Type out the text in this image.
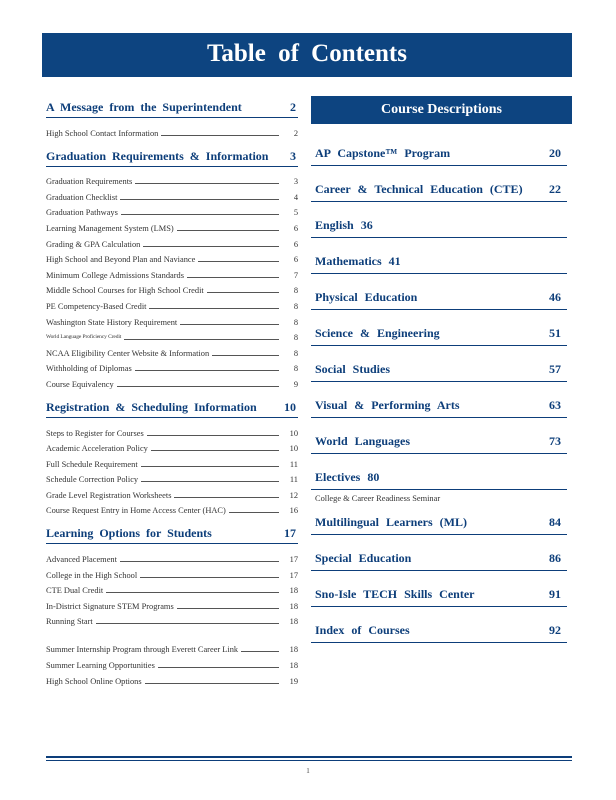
Table of Contents
A Message from the Superintendent	2
High School Contact Information	2
Graduation Requirements & Information 3
Graduation Requirements	3
Graduation Checklist	4
Graduation Pathways	5
Learning Management System (LMS)	6
Grading & GPA Calculation	6
High School and Beyond Plan and Naviance	6
Minimum College Admissions Standards	7
Middle School Courses for High School Credit	8
PE Competency-Based Credit	8
Washington State History Requirement	8
World Language Proficiency Credit	8
NCAA Eligibility Center Website & Information	8
Withholding of Diplomas	8
Course Equivalency	9
Registration & Scheduling Information 10
Steps to Register for Courses	10
Academic Acceleration Policy	10
Full Schedule Requirement	11
Schedule Correction Policy	11
Grade Level Registration Worksheets	12
Course Request Entry in Home Access Center (HAC)	16
Learning Options for Students	17
Advanced Placement	17
College in the High School	17
CTE Dual Credit	18
In-District Signature STEM Programs	18
Running Start	18
Summer Internship Program through Everett Career Link	18
Summer Learning Opportunities	18
High School Online Options	19
Course Descriptions
AP Capstone™ Program	20
Career & Technical Education (CTE) 22
English 36
Mathematics 41
Physical Education	46
Science & Engineering	51
Social Studies	57
Visual & Performing Arts	63
World Languages	73
Electives 80
College & Career Readiness Seminar
Multilingual Learners (ML)	84
Special Education	86
Sno-Isle TECH Skills Center	91
Index of Courses	92
1
